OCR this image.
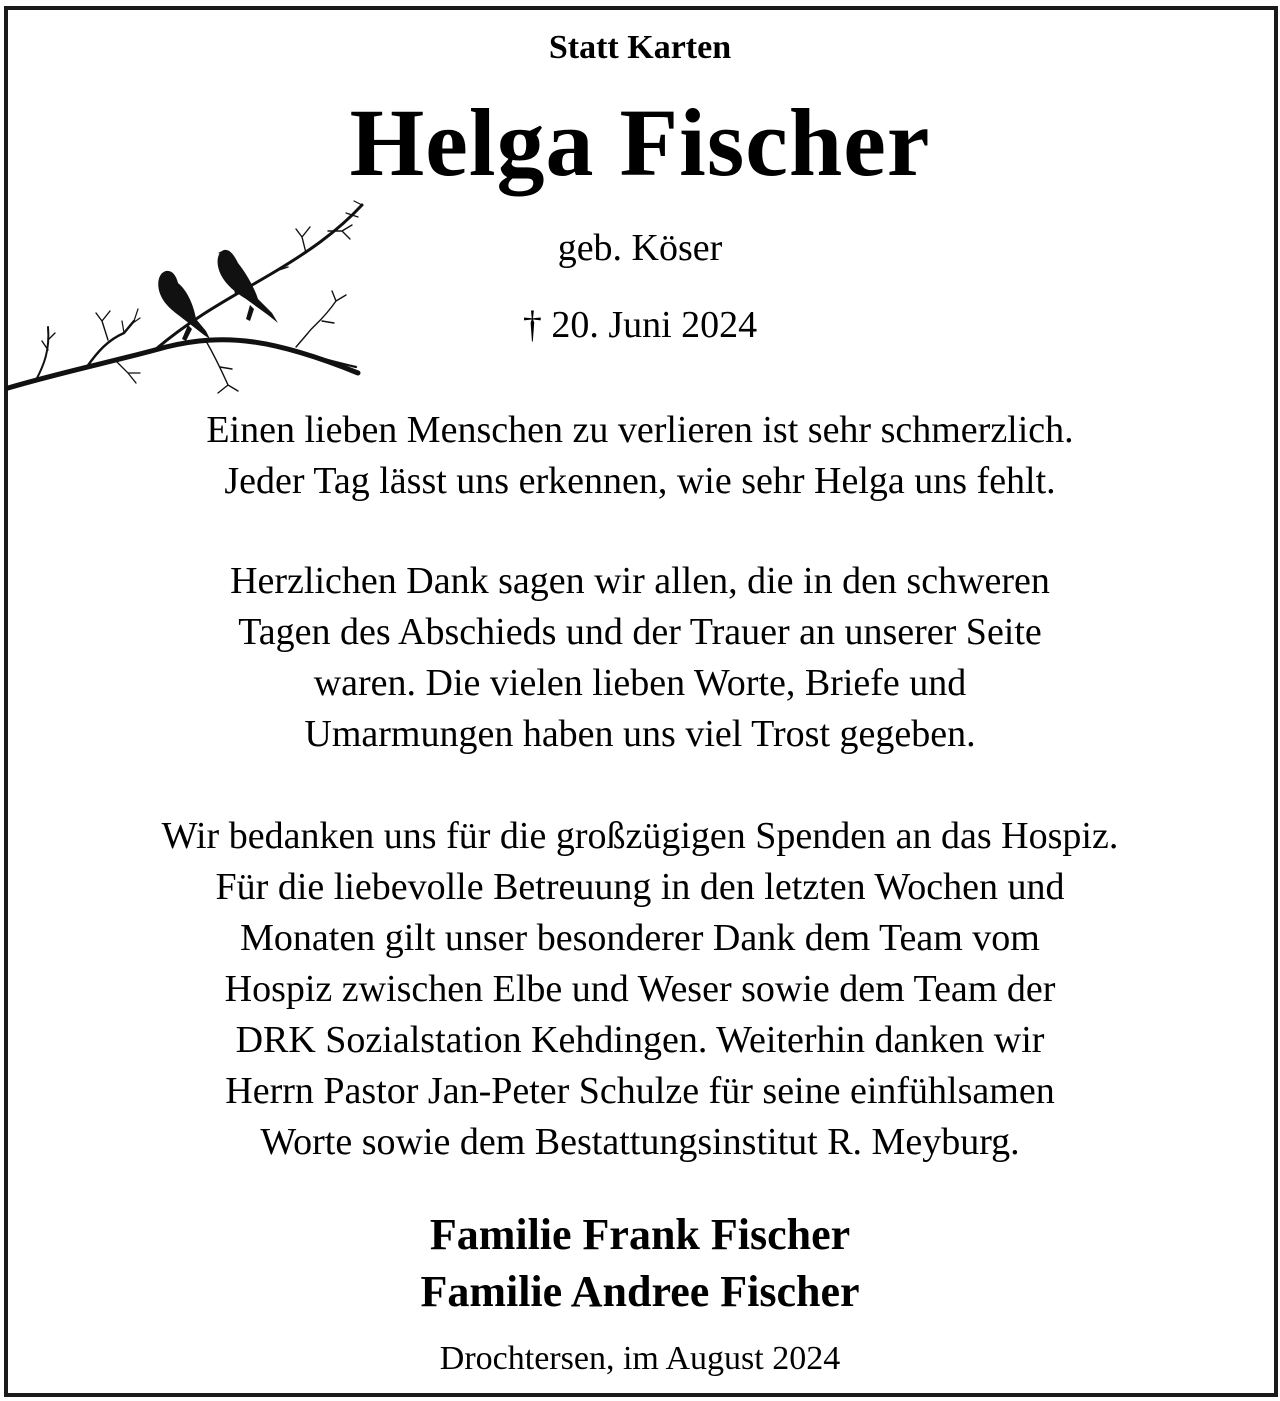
Statt Karten
Helga Fischer
geb. Köser
† 20. Juni 2024
Einen lieben Menschen zu verlieren ist sehr schmerzlich.
Jeder Tag lässt uns erkennen, wie sehr Helga uns fehlt.
Herzlichen Dank sagen wir allen, die in den schweren
Tagen des Abschieds und der Trauer an unserer Seite
waren. Die vielen lieben Worte, Briefe und
Umarmungen haben uns viel Trost gegeben.
Wir bedanken uns für die großzügigen Spenden an das Hospiz.
Für die liebevolle Betreuung in den letzten Wochen und
Monaten gilt unser besonderer Dank dem Team vom
Hospiz zwischen Elbe und Weser sowie dem Team der
DRK Sozialstation Kehdingen. Weiterhin danken wir
Herrn Pastor Jan-Peter Schulze für seine einfühlsamen
Worte sowie dem Bestattungsinstitut R. Meyburg.
Familie Frank Fischer
Familie Andree Fischer
Drochtersen, im August 2024
